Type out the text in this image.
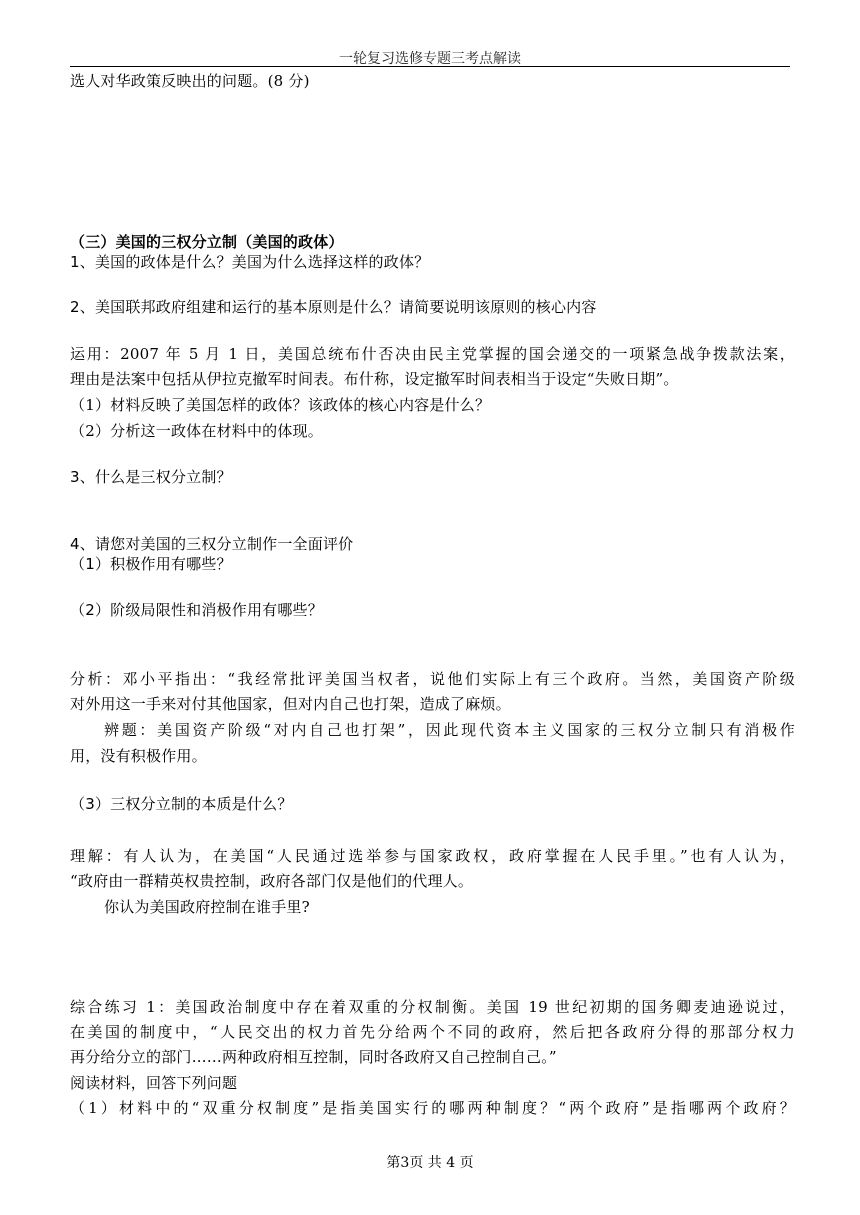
一轮复习选修专题三考点解读
选人对华政策反映出的问题。(8 分)
（三）美国的三权分立制（美国的政体）
1、美国的政体是什么？美国为什么选择这样的政体？
2、美国联邦政府组建和运行的基本原则是什么？请简要说明该原则的核心内容
运用：2007 年 5 月 1 日，美国总统布什否决由民主党掌握的国会递交的一项紧急战争拨款法案，
理由是法案中包括从伊拉克撤军时间表。布什称，设定撤军时间表相当于设定“失败日期”。
（1）材料反映了美国怎样的政体？该政体的核心内容是什么？
（2）分析这一政体在材料中的体现。
3、什么是三权分立制？
4、请您对美国的三权分立制作一全面评价
（1）积极作用有哪些？
（2）阶级局限性和消极作用有哪些？
分析：邓小平指出：“我经常批评美国当权者，说他们实际上有三个政府。当然，美国资产阶级
对外用这一手来对付其他国家，但对内自己也打架，造成了麻烦。
辨题：美国资产阶级“对内自己也打架”，因此现代资本主义国家的三权分立制只有消极作
用，没有积极作用。
（3）三权分立制的本质是什么？
理解：有人认为，在美国“人民通过选举参与国家政权，政府掌握在人民手里。”也有人认为，
“政府由一群精英权贵控制，政府各部门仅是他们的代理人。
你认为美国政府控制在谁手里?
综合练习 1：美国政治制度中存在着双重的分权制衡。美国 19 世纪初期的国务卿麦迪逊说过，
在美国的制度中，“人民交出的权力首先分给两个不同的政府，然后把各政府分得的那部分权力
再分给分立的部门……两种政府相互控制，同时各政府又自己控制自己。”
阅读材料，回答下列问题
（1）材料中的“双重分权制度”是指美国实行的哪两种制度？“两个政府”是指哪两个政府？
第3页 共 4 页
